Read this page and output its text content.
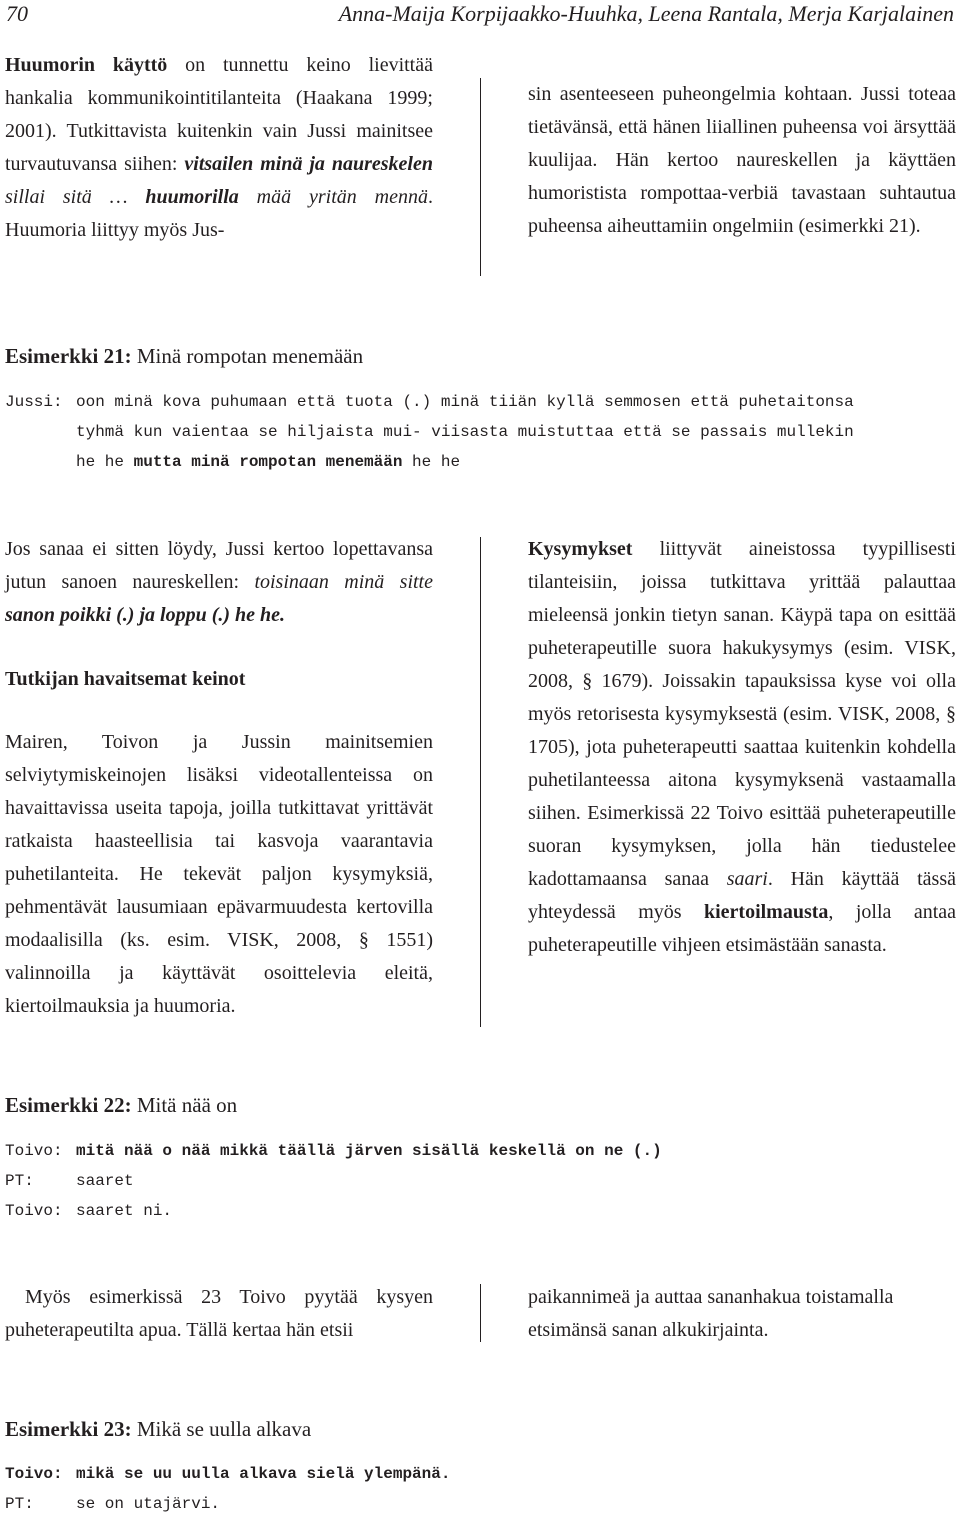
70	Anna-Maija Korpijaakko-Huuhka, Leena Rantala, Merja Karjalainen

Huumorin käyttö on tunnettu keino lievittää hankalia kommunikointitilanteita (Haakana 1999; 2001). Tutkittavista kuitenkin vain Jussi mainitsee turvautuvansa siihen: vitsailen minä ja naureskelen sillai sitä … huumorilla mää yritän mennä. Huumoria liittyy myös Jus-

sin asenteeseen puheongelmia kohtaan. Jussi toteaa tietävänsä, että hänen liiallinen puheensa voi ärsyttää kuulijaa. Hän kertoo naureskellen ja käyttäen humoristista rompottaa-verbiä tavastaan suhtautua puheensa aiheuttamiin ongelmiin (esimerkki 21).

Esimerkki 21: Minä rompotan menemään
Jussi: oon minä kova puhumaan että tuota (.) minä tiiän kyllä semmosen että puhetaitonsa
tyhmä kun vaientaa se hiljaista mui- viisasta muistuttaa että se passais mullekin
he he mutta minä rompotan menemään he he

Jos sanaa ei sitten löydy, Jussi kertoo lopettavansa jutun sanoen naureskellen: toisinaan minä sitte sanon poikki (.) ja loppu (.) he he.

Tutkijan havaitsemat keinot

Mairen, Toivon ja Jussin mainitsemien selviytymiskeinojen lisäksi videotallenteissa on havaittavissa useita tapoja, joilla tutkittavat yrittävät ratkaista haasteellisia tai kasvoja vaarantavia puhetilanteita. He tekevät paljon kysymyksiä, pehmentävät lausumiaan epävarmuudesta kertovilla modaalisilla (ks. esim. VISK, 2008, § 1551) valinnoilla ja käyttävät osoittelevia eleitä, kiertoilmauksia ja huumoria.

Kysymykset liittyvät aineistossa tyypillisesti tilanteisiin, joissa tutkittava yrittää palauttaa mieleensä jonkin tietyn sanan. Käypä tapa on esittää puheterapeutille suora hakukysymys (esim. VISK, 2008, § 1679). Joissakin tapauksissa kyse voi olla myös retorisesta kysymyksestä (esim. VISK, 2008, § 1705), jota puheterapeutti saattaa kuitenkin kohdella puhetilanteessa aitona kysymyksenä vastaamalla siihen. Esimerkissä 22 Toivo esittää puheterapeutille suoran kysymyksen, jolla hän tiedustelee kadottamaansa sanaa saari. Hän käyttää tässä yhteydessä myös kiertoilmausta, jolla antaa puheterapeutille vihjeen etsimästään sanasta.

Esimerkki 22: Mitä nää on
Toivo: mitä nää o nää mikkä täällä järven sisällä keskellä on ne (.)
PT:	saaret
Toivo: saaret ni.

Myös esimerkissä 23 Toivo pyytää kysyen puheterapeutilta apua. Tällä kertaa hän etsii

paikannimeä ja auttaa sananhakua toistamalla etsimänsä sanan alkukirjainta.

Esimerkki 23: Mikä se uulla alkava
Toivo: mikä se uu uulla alkava sielä ylempänä.
PT:	se on utajärvi.
